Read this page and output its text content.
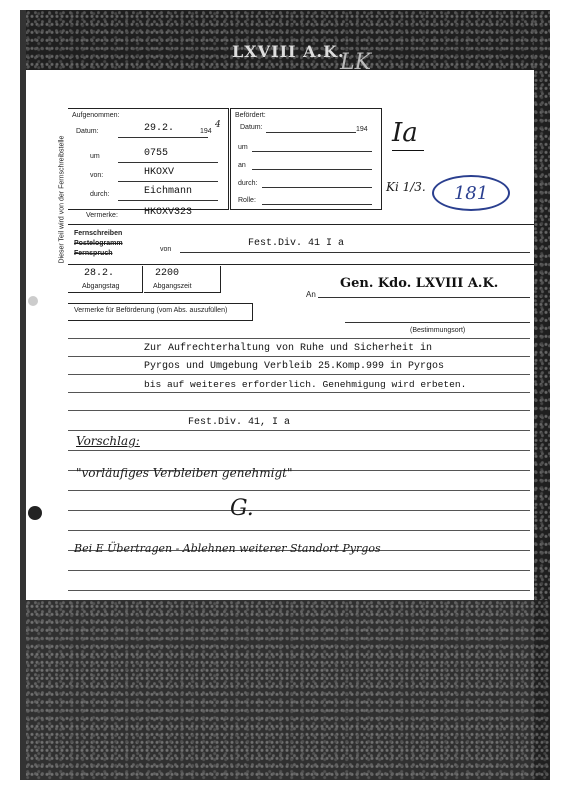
LXVIII A.K.
LK
Dieser Teil wird von der Fernschreibstelle
Aufgenommen:
Datum:	29.2.	194
4
um	0755
von:	HKOXV
durch:	Eichmann
Vermerke:	HKOXV323
Befördert:
Datum:	194
um
an
durch:
Rolle:
Ia
Ki 1/3. 181
Fernschreiben
Postelogramm
Fernspruch
von
Fest.Div. 41 I a
28.2.
Abgangstag
2200
Abgangszeit
An
Gen. Kdo. LXVIII A.K.
(Bestimmungsort)
Vermerke für Beförderung (vom Abs. auszufüllen)
Zur Aufrechterhaltung von Ruhe und Sicherheit in
Pyrgos und Umgebung Verbleib 25.Komp.999 in Pyrgos
bis auf weiteres erforderlich. Genehmigung wird erbeten.
Fest.Div. 41, I a
Vorschlag:
"vorläufiges Verbleiben genehmigt"
G.
Bei E Übertragen - Ablehnen weiterer Standort Pyrgos
